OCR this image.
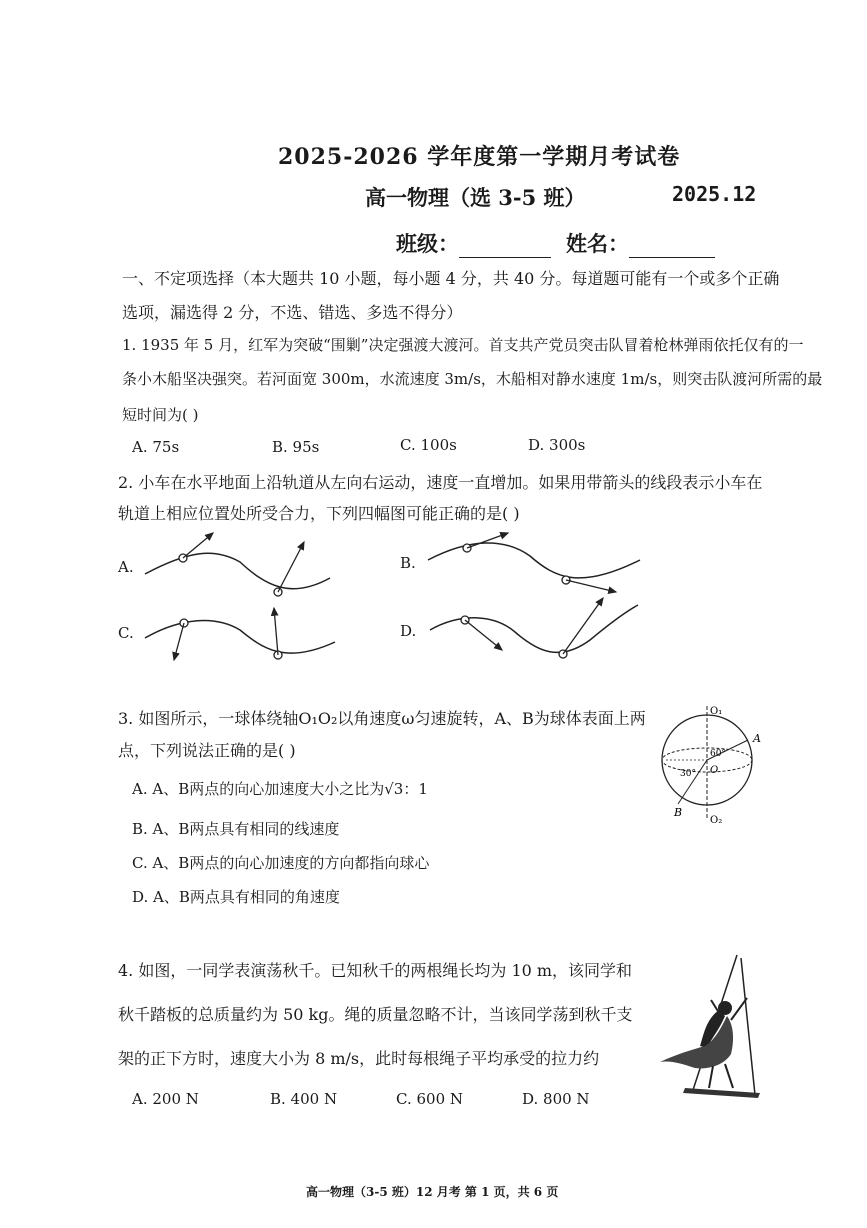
2025-2026 学年度第一学期月考试卷
高一物理（选 3-5 班）	2025.12
班级：	姓名：
一、不定项选择（本大题共 10 小题，每小题 4 分，共 40 分。每道题可能有一个或多个正确
选项，漏选得 2 分，不选、错选、多选不得分）
1. 1935 年 5 月，红军为突破“围剿”决定强渡大渡河。首支共产党员突击队冒着枪林弹雨依托仅有的一
条小木船坚决强突。若河面宽 300m，水流速度 3m/s，木船相对静水速度 1m/s，则突击队渡河所需的最
短时间为( )
A. 75s	B. 95s	C. 100s	D. 300s
2. 小车在水平地面上沿轨道从左向右运动，速度一直增加。如果用带箭头的线段表示小车在
轨道上相应位置处所受合力，下列四幅图可能正确的是( )
A.	B.
C.	D.
3. 如图所示，一球体绕轴O₁O₂以角速度ω匀速旋转，A、B为球体表面上两
点，下列说法正确的是( )
A. A、B两点的向心加速度大小之比为√3：1
B. A、B两点具有相同的线速度
C. A、B两点的向心加速度的方向都指向球心
D. A、B两点具有相同的角速度
O₁
O₂
O
A
B
60°
30°
4. 如图，一同学表演荡秋千。已知秋千的两根绳长均为 10 m，该同学和
秋千踏板的总质量约为 50 kg。绳的质量忽略不计，当该同学荡到秋千支
架的正下方时，速度大小为 8 m/s，此时每根绳子平均承受的拉力约
A. 200 N	B. 400 N	C. 600 N	D. 800 N
高一物理（3-5 班）12 月考 第 1 页，共 6 页
